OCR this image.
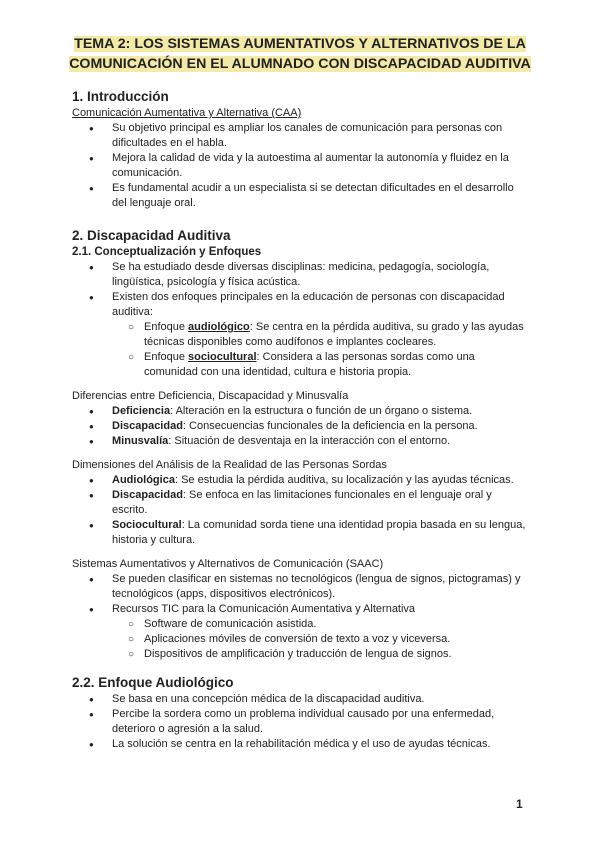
TEMA 2: LOS SISTEMAS AUMENTATIVOS Y ALTERNATIVOS DE LA
COMUNICACIÓN EN EL ALUMNADO CON DISCAPACIDAD AUDITIVA
1. Introducción

Comunicación Aumentativa y Alternativa (CAA)

● Su objetivo principal es ampliar los canales de comunicación para personas con dificultades en el habla.
● Mejora la calidad de vida y la autoestima al aumentar la autonomía y fluidez en la comunicación.
● Es fundamental acudir a un especialista si se detectan dificultades en el desarrollo del lenguaje oral.
2. Discapacidad Auditiva
2.1. Conceptualización y Enfoques
● Se ha estudiado desde diversas disciplinas: medicina, pedagogía, sociología, lingüística, psicología y física acústica.
● Existen dos enfoques principales en la educación de personas con discapacidad auditiva:
○ Enfoque audiológico: Se centra en la pérdida auditiva, su grado y las ayudas técnicas disponibles como audífonos e implantes cocleares.
○ Enfoque sociocultural: Considera a las personas sordas como una comunidad con una identidad, cultura e historia propia.

Diferencias entre Deficiencia, Discapacidad y Minusvalía

● Deficiencia: Alteración en la estructura o función de un órgano o sistema.
● Discapacidad: Consecuencias funcionales de la deficiencia en la persona.
● Minusvalía: Situación de desventaja en la interacción con el entorno.

Dimensiones del Análisis de la Realidad de las Personas Sordas

● Audiológica: Se estudia la pérdida auditiva, su localización y las ayudas técnicas.
● Discapacidad: Se enfoca en las limitaciones funcionales en el lenguaje oral y escrito.
● Sociocultural: La comunidad sorda tiene una identidad propia basada en su lengua, historia y cultura.

Sistemas Aumentativos y Alternativos de Comunicación (SAAC)

● Se pueden clasificar en sistemas no tecnológicos (lengua de signos, pictogramas) y tecnológicos (apps, dispositivos electrónicos).
● Recursos TIC para la Comunicación Aumentativa y Alternativa
○ Software de comunicación asistida.
○ Aplicaciones móviles de conversión de texto a voz y viceversa.
○ Dispositivos de amplificación y traducción de lengua de signos.
2.2. Enfoque Audiológico
● Se basa en una concepción médica de la discapacidad auditiva.
● Percibe la sordera como un problema individual causado por una enfermedad, deterioro o agresión a la salud.
● La solución se centra en la rehabilitación médica y el uso de ayudas técnicas.
1
